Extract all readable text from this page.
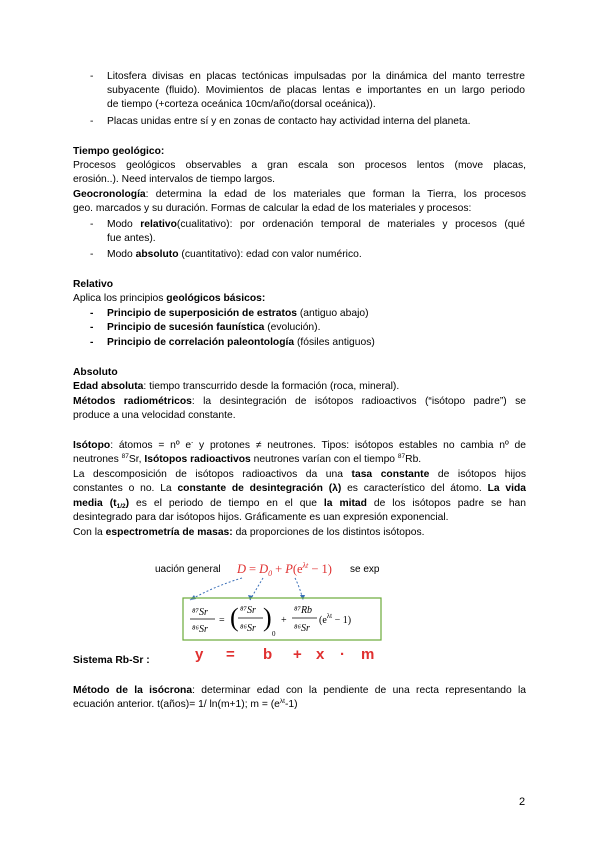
- Litosfera divisas en placas tectónicas impulsadas por la dinámica del manto terrestre
subyacente (fluido). Movimientos de placas lentas e importantes en un largo periodo
de tiempo (+corteza oceánica 10cm/año(dorsal oceánica)).
- Placas unidas entre sí y en zonas de contacto hay actividad interna del planeta.
Tiempo geológico:
Procesos geológicos observables a gran escala son procesos lentos (move placas,
erosión..). Need intervalos de tiempo largos.
Geocronología: determina la edad de los materiales que forman la Tierra, los procesos
geo. marcados y su duración. Formas de calcular la edad de los materiales y procesos:
- Modo relativo(cualitativo): por ordenación temporal de materiales y procesos (qué
fue antes).
- Modo absoluto (cuantitativo): edad con valor numérico.
Relativo
Aplica los principios geológicos básicos:
- Principio de superposición de estratos (antiguo abajo)
- Principio de sucesión faunística (evolución).
- Principio de correlación paleontología (fósiles antiguos)
Absoluto
Edad absoluta: tiempo transcurrido desde la formación (roca, mineral).
Métodos radiométricos: la desintegración de isótopos radioactivos (“isótopo padre”) se
produce a una velocidad constante.
Isótopo: átomos = nº e- y protones ≠ neutrones. Tipos: isótopos estables no cambia nº de
neutrones $^{87}$Sr, Isótopos radioactivos neutrones varían con el tiempo $^{87}$Rb.
La descomposición de isótopos radioactivos da una tasa constante de isótopos hijos
constantes o no. La constante de desintegración (λ) es característico del átomo. La vida
media $(t_{1/2})$ es el periodo de tiempo en el que la mitad de los isótopos padre se han
desintegrado para dar isótopos hijos. Gráficamente es uan expresión exponencial.
Con la espectrometría de masas: da proporciones de los distintos isótopos.
uación general $D = D_0 + P(e^{\lambda t} - 1)$ se exp
⁸⁷Sr
⁸⁶Sr
= ( ⁸⁷Sr
⁸⁶Sr )
0
+
⁸⁷Rb
⁸⁶Sr
$(e^{\lambda t} - 1)$
y = b + x · m
Sistema Rb-Sr :
Método de la isócrona: determinar edad con la pendiente de una recta representando la
ecuación anterior. t(años)= 1/ ln(m+1); $m = (e^{\lambda t}-1)$
2
